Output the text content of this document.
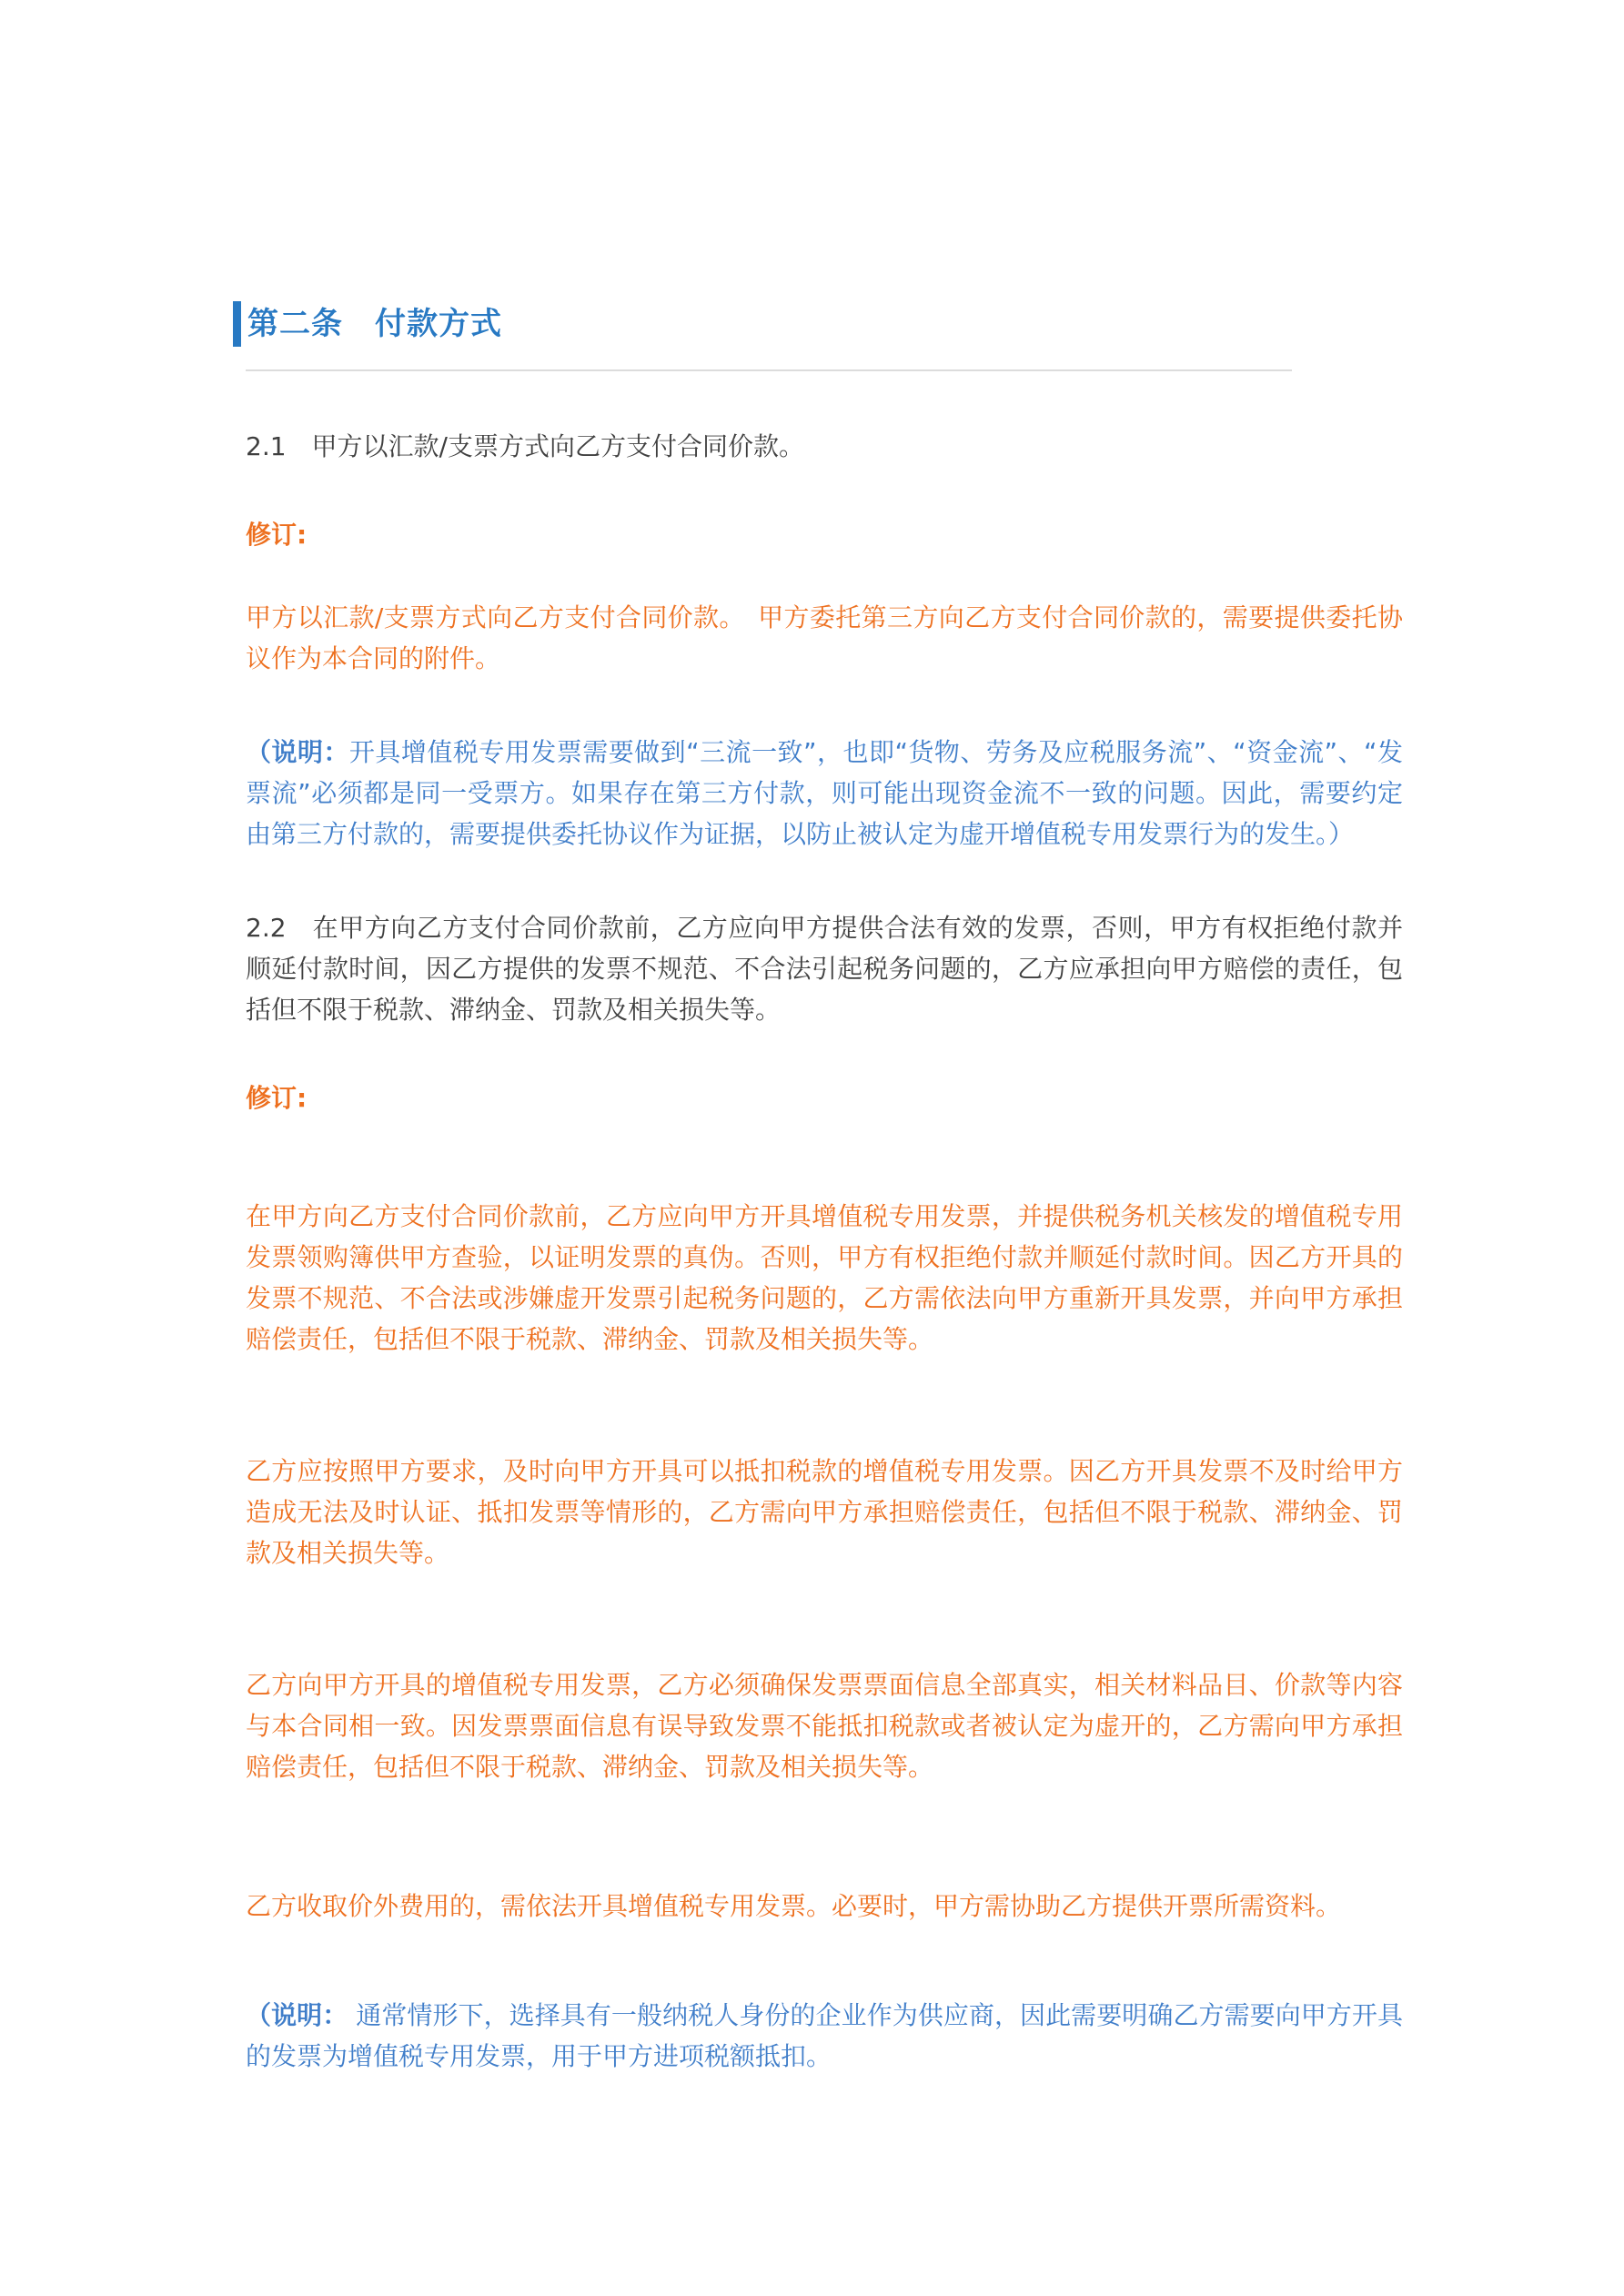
第二条　付款方式

2.1　甲方以汇款/支票方式向乙方支付合同价款。

修订:

甲方以汇款/支票方式向乙方支付合同价款。　甲方委托第三方向乙方支付合同价款的，需要提供委托协议作为本合同的附件。

（说明：开具增值税专用发票需要做到“三流一致”，也即“货物、劳务及应税服务流”、“资金流”、“发票流”必须都是同一受票方。如果存在第三方付款，则可能出现资金流不一致的问题。因此，需要约定由第三方付款的，需要提供委托协议作为证据，以防止被认定为虚开增值税专用发票行为的发生。）

2.2　在甲方向乙方支付合同价款前，乙方应向甲方提供合法有效的发票，否则，甲方有权拒绝付款并顺延付款时间，因乙方提供的发票不规范、不合法引起税务问题的，乙方应承担向甲方赔偿的责任，包括但不限于税款、滞纳金、罚款及相关损失等。

修订:

在甲方向乙方支付合同价款前，乙方应向甲方开具增值税专用发票，并提供税务机关核发的增值税专用发票领购簿供甲方查验，以证明发票的真伪。否则，甲方有权拒绝付款并顺延付款时间。因乙方开具的发票不规范、不合法或涉嫌虚开发票引起税务问题的，乙方需依法向甲方重新开具发票，并向甲方承担赔偿责任，包括但不限于税款、滞纳金、罚款及相关损失等。

乙方应按照甲方要求，及时向甲方开具可以抵扣税款的增值税专用发票。因乙方开具发票不及时给甲方造成无法及时认证、抵扣发票等情形的，乙方需向甲方承担赔偿责任，包括但不限于税款、滞纳金、罚款及相关损失等。

乙方向甲方开具的增值税专用发票，乙方必须确保发票票面信息全部真实，相关材料品目、价款等内容与本合同相一致。因发票票面信息有误导致发票不能抵扣税款或者被认定为虚开的，乙方需向甲方承担赔偿责任，包括但不限于税款、滞纳金、罚款及相关损失等。

乙方收取价外费用的，需依法开具增值税专用发票。必要时，甲方需协助乙方提供开票所需资料。

（说明： 通常情形下，选择具有一般纳税人身份的企业作为供应商，因此需要明确乙方需要向甲方开具的发票为增值税专用发票，用于甲方进项税额抵扣。
